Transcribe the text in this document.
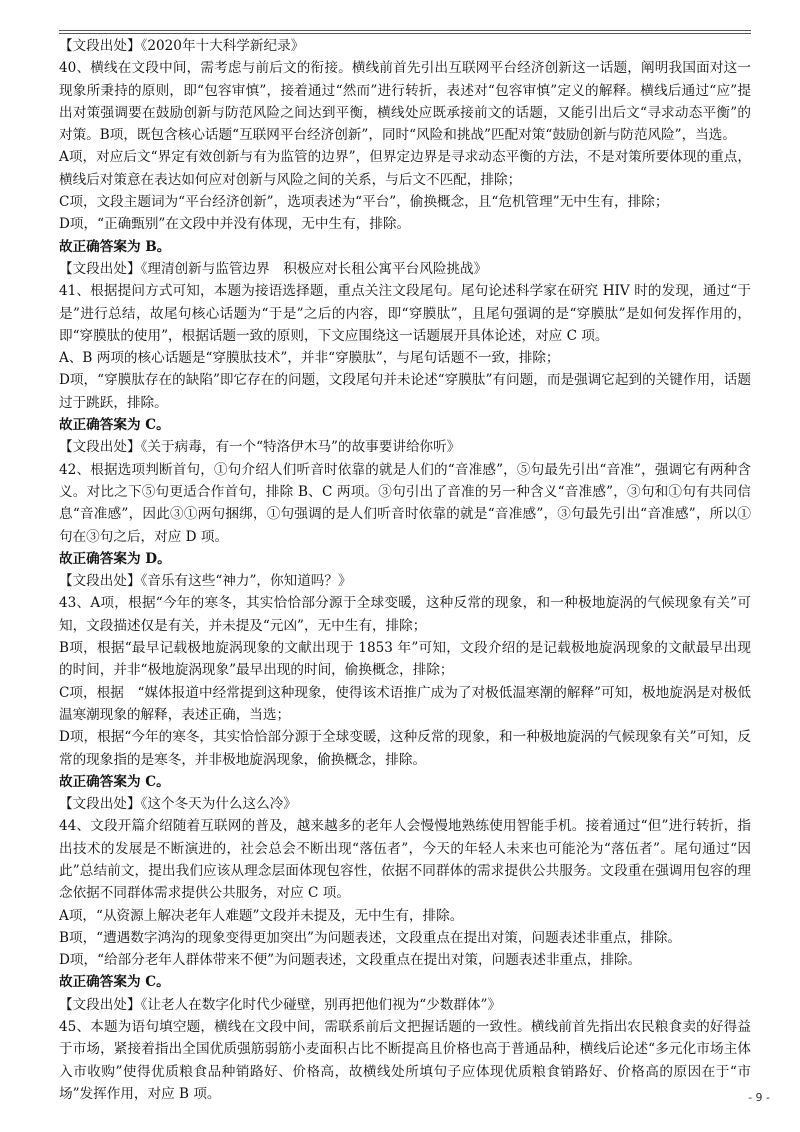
【文段出处】《2020年十大科学新纪录》

40、横线在文段中间，需考虑与前后文的衔接。横线前首先引出互联网平台经济创新这一话题，阐明我国面对这一现象所秉持的原则，即“包容审慎”，接着通过“然而”进行转折，表述对“包容审慎”定义的解释。横线后通过“应”提出对策强调要在鼓励创新与防范风险之间达到平衡，横线处应既承接前文的话题，又能引出后文“寻求动态平衡”的对策。B项，既包含核心话题“互联网平台经济创新”，同时“风险和挑战”匹配对策“鼓励创新与防范风险”，当选。

A项，对应后文“界定有效创新与有为监管的边界”，但界定边界是寻求动态平衡的方法，不是对策所要体现的重点，横线后对策意在表达如何应对创新与风险之间的关系，与后文不匹配，排除；

C项，文段主题词为“平台经济创新”，选项表述为“平台”，偷换概念，且“危机管理”无中生有，排除；

D项，“正确甄别”在文段中并没有体现，无中生有，排除。

故正确答案为 B。

【文段出处】《理清创新与监管边界　积极应对长租公寓平台风险挑战》

41、根据提问方式可知，本题为接语选择题，重点关注文段尾句。尾句论述科学家在研究 HIV 时的发现，通过“于是”进行总结，故尾句核心话题为“于是”之后的内容，即“穿膜肽”，且尾句强调的是“穿膜肽”是如何发挥作用的，即“穿膜肽的使用”，根据话题一致的原则，下文应围绕这一话题展开具体论述，对应 C 项。

A、B 两项的核心话题是“穿膜肽技术”，并非“穿膜肽”，与尾句话题不一致，排除；

D项，“穿膜肽存在的缺陷”即它存在的问题，文段尾句并未论述“穿膜肽”有问题，而是强调它起到的关键作用，话题过于跳跃，排除。

故正确答案为 C。

【文段出处】《关于病毒，有一个“特洛伊木马”的故事要讲给你听》

42、根据选项判断首句，①句介绍人们听音时依靠的就是人们的“音准感”，⑤句最先引出“音准”，强调它有两种含义。对比之下⑤句更适合作首句，排除 B、C 两项。③句引出了音准的另一种含义“音准感”，③句和①句有共同信息“音准感”，因此③①两句捆绑，①句强调的是人们听音时依靠的就是“音准感”，③句最先引出“音准感”，所以①句在③句之后，对应 D 项。

故正确答案为 D。

【文段出处】《音乐有这些“神力”，你知道吗？》

43、A项，根据“今年的寒冬，其实恰恰部分源于全球变暖，这种反常的现象，和一种极地旋涡的气候现象有关”可知，文段描述仅是有关，并未提及“元凶”，无中生有，排除；

B项，根据“最早记载极地旋涡现象的文献出现于 1853 年”可知，文段介绍的是记载极地旋涡现象的文献最早出现的时间，并非“极地旋涡现象”最早出现的时间，偷换概念，排除；

C项，根据　“媒体报道中经常提到这种现象，使得该术语推广成为了对极低温寒潮的解释”可知，极地旋涡是对极低温寒潮现象的解释，表述正确，当选；

D项，根据“今年的寒冬，其实恰恰部分源于全球变暖，这种反常的现象，和一种极地旋涡的气候现象有关”可知，反常的现象指的是寒冬，并非极地旋涡现象，偷换概念，排除。

故正确答案为 C。

【文段出处】《这个冬天为什么这么冷》

44、文段开篇介绍随着互联网的普及，越来越多的老年人会慢慢地熟练使用智能手机。接着通过“但”进行转折，指出技术的发展是不断演进的，社会总会不断出现“落伍者”，今天的年轻人未来也可能沦为“落伍者”。尾句通过“因此”总结前文，提出我们应该从理念层面体现包容性，依据不同群体的需求提供公共服务。文段重在强调用包容的理念依据不同群体需求提供公共服务，对应 C 项。

A项，“从资源上解决老年人难题”文段并未提及，无中生有，排除。

B项，“遭遇数字鸿沟的现象变得更加突出”为问题表述，文段重点在提出对策，问题表述非重点，排除。

D项，“给部分老年人群体带来不便”为问题表述，文段重点在提出对策，问题表述非重点，排除。

故正确答案为 C。

【文段出处】《让老人在数字化时代少碰壁，别再把他们视为“少数群体”》

45、本题为语句填空题，横线在文段中间，需联系前后文把握话题的一致性。横线前首先指出农民粮食卖的好得益于市场，紧接着指出全国优质强筋弱筋小麦面积占比不断提高且价格也高于普通品种，横线后论述“多元化市场主体入市收购”使得优质粮食品种销路好、价格高，故横线处所填句子应体现优质粮食销路好、价格高的原因在于“市场”发挥作用，对应 B 项。	- 9 -
